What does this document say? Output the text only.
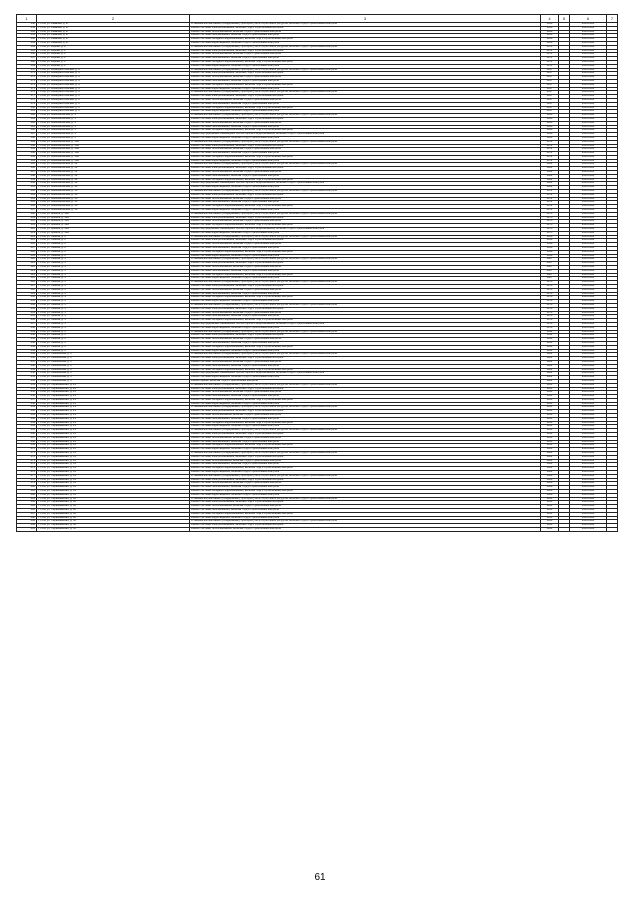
1	2	3	4	5	6	7
158	г. Ухта, ул. Иванова, д. 27	Установка коллективных (общедомовых) приборов учета потребления ресурсов, включая ПСД и строительный контроль	1958		2026-2028	
159	г. Ухта, ул. Иванова, д. 27	Ремонт системы электроснабжения, включая ПСД и строительный контроль	1958		2026-2028	
160	г. Ухта, ул. Иванова, д. 27	Ремонт системы теплоснабжения, включая ПСД и строительный контроль	1958		2026-2028	
161	г. Ухта, ул. Иванова, д. 27	Ремонт системы газоснабжения, включая ПСД и строительный контроль	1958		2026-2028	
162	г. Ухта, ул. Иванова, д. 27	Ремонт системы холодного водоснабжения, включая ПСД и строительный контроль	1958		2026-2028	
163	г. Ухта, ул. Иванова, д. 27	Ремонт системы водоотведения, включая ПСД и строительный контроль	1958		2026-2028	
164	г. Ухта, ул. Кирова, д. 2	Установка коллективных (общедомовых) приборов учета потребления ресурсов, включая ПСД и строительный контроль	1971		2026-2028	
165	г. Ухта, ул. Кирова, д. 2	Ремонт системы электроснабжения, включая ПСД и строительный контроль	1971		2026-2028	
166	г. Ухта, ул. Кирова, д. 2	Ремонт системы теплоснабжения, включая ПСД и строительный контроль	1971		2026-2028	
167	г. Ухта, ул. Кирова, д. 2	Ремонт системы газоснабжения, включая ПСД и строительный контроль	1971		2026-2028	
168	г. Ухта, ул. Кирова, д. 2	Ремонт системы холодного водоснабжения, включая ПСД и строительный контроль	1971		2026-2028	
169	г. Ухта, ул. Кирова, д. 2	Ремонт системы водоотведения, включая ПСД и строительный контроль	1971		2026-2028	
170	г. Ухта, ул. Коммунистическая, д. 4	Установка коллективных (общедомовых) приборов учета потребления ресурсов, включая ПСД и строительный контроль	1957		2026-2028	
171	г. Ухта, ул. Коммунистическая, д. 4	Ремонт системы электроснабжения, включая ПСД и строительный контроль	1957		2026-2028	
172	г. Ухта, ул. Коммунистическая, д. 4	Ремонт системы теплоснабжения, включая ПСД и строительный контроль	1957		2026-2028	
173	г. Ухта, ул. Коммунистическая, д. 4	Ремонт системы газоснабжения, включая ПСД и строительный контроль	1957		2026-2028	
174	г. Ухта, ул. Коммунистическая, д. 4	Ремонт системы холодного водоснабжения, включая ПСД и строительный контроль	1957		2026-2028	
175	г. Ухта, ул. Коммунистическая, д. 4	Ремонт системы водоотведения, включая ПСД и строительный контроль	1957		2026-2028	
176	г. Ухта, ул. Коммунистическая, д. 6	Установка коллективных (общедомовых) приборов учета потребления ресурсов, включая ПСД и строительный контроль	1957		2026-2028	
177	г. Ухта, ул. Коммунистическая, д. 6	Ремонт системы электроснабжения, включая ПСД и строительный контроль	1957		2026-2028	
178	г. Ухта, ул. Коммунистическая, д. 6	Ремонт системы теплоснабжения, включая ПСД и строительный контроль	1957		2026-2028	
179	г. Ухта, ул. Коммунистическая, д. 6	Ремонт системы газоснабжения, включая ПСД и строительный контроль	1957		2026-2028	
180	г. Ухта, ул. Коммунистическая, д. 6	Ремонт системы холодного водоснабжения, включая ПСД и строительный контроль	1957		2026-2028	
181	г. Ухта, ул. Коммунистическая, д. 6	Ремонт системы водоотведения, включая ПСД и строительный контроль	1957		2026-2028	
182	г. Ухта, ул. Комсомольская, д. 1	Установка коллективных (общедомовых) приборов учета потребления ресурсов, включая ПСД и строительный контроль	1946		2026-2028	
183	г. Ухта, ул. Комсомольская, д. 1	Ремонт системы электроснабжения, включая ПСД и строительный контроль	1946		2026-2028	
184	г. Ухта, ул. Комсомольская, д. 1	Ремонт системы теплоснабжения, включая ПСД и строительный контроль	1946		2026-2028	
185	г. Ухта, ул. Комсомольская, д. 1	Ремонт системы газоснабжения, включая ПСД и строительный контроль	1946		2026-2028	
186	г. Ухта, ул. Комсомольская, д. 1	Ремонт системы холодного водоснабжения, включая ПСД и строительный контроль	1946		2026-2028	
187	г. Ухта, ул. Комсомольская, д. 1	Ремонт внутридомовых инженерных систем горячего водоснабжения, включая ПСД и строительный контроль	1946		2026-2028	
188	г. Ухта, ул. Комсомольская, д. 1	Ремонт системы водоотведения, включая ПСД и строительный контроль	1946		2026-2028	
189	г. Ухта, ул. Комсомольская, д. 10А	Установка коллективных (общедомовых) приборов учета потребления ресурсов, включая ПСД и строительный контроль	1972		2026-2028	
190	г. Ухта, ул. Комсомольская, д. 10А	Ремонт системы электроснабжения, включая ПСД и строительный контроль	1972		2026-2028	
191	г. Ухта, ул. Комсомольская, д. 10А	Ремонт системы теплоснабжения, включая ПСД и строительный контроль	1972		2026-2028	
192	г. Ухта, ул. Комсомольская, д. 10А	Ремонт системы газоснабжения, включая ПСД и строительный контроль	1972		2026-2028	
193	г. Ухта, ул. Комсомольская, д. 10А	Ремонт системы холодного водоснабжения, включая ПСД и строительный контроль	1972		2026-2028	
194	г. Ухта, ул. Комсомольская, д. 10А	Ремонт системы водоотведения, включая ПСД и строительный контроль	1972		2026-2028	
195	г. Ухта, ул. Комсомольская, д. 12	Установка коллективных (общедомовых) приборов учета потребления ресурсов, включая ПСД и строительный контроль	1964		2026-2028	
196	г. Ухта, ул. Комсомольская, д. 12	Ремонт системы электроснабжения, включая ПСД и строительный контроль	1964		2026-2028	
197	г. Ухта, ул. Комсомольская, д. 12	Ремонт системы теплоснабжения, включая ПСД и строительный контроль	1964		2026-2028	
198	г. Ухта, ул. Комсомольская, д. 12	Ремонт системы газоснабжения, включая ПСД и строительный контроль	1964		2026-2028	
199	г. Ухта, ул. Комсомольская, д. 12	Ремонт системы холодного водоснабжения, включая ПСД и строительный контроль	1964		2026-2028	
200	г. Ухта, ул. Комсомольская, д. 12	Ремонт внутридомовых инженерных систем горячего водоснабжения, включая ПСД и строительный контроль	1964		2026-2028	
201	г. Ухта, ул. Комсомольская, д. 12	Ремонт системы водоотведения, включая ПСД и строительный контроль	1964		2026-2028	
202	г. Ухта, ул. Комсомольская, д. 16	Установка коллективных (общедомовых) приборов учета потребления ресурсов, включая ПСД и строительный контроль	1972		2026-2028	
203	г. Ухта, ул. Комсомольская, д. 16	Ремонт системы электроснабжения, включая ПСД и строительный контроль	1972		2026-2028	
204	г. Ухта, ул. Комсомольская, д. 16	Ремонт системы теплоснабжения, включая ПСД и строительный контроль	1972		2026-2028	
205	г. Ухта, ул. Комсомольская, д. 16	Ремонт системы газоснабжения, включая ПСД и строительный контроль	1972		2026-2028	
206	г. Ухта, ул. Комсомольская, д. 16	Ремонт системы холодного водоснабжения, включая ПСД и строительный контроль	1972		2026-2028	
207	г. Ухта, ул. Комсомольская, д. 16	Ремонт системы водоотведения, включая ПСД и строительный контроль	1972		2026-2028	
208	г. Ухта, ул. Кремса, д. 34А	Установка коллективных (общедомовых) приборов учета потребления ресурсов, включая ПСД и строительный контроль	1975		2026-2028	
209	г. Ухта, ул. Кремса, д. 34А	Ремонт системы электроснабжения, включая ПСД и строительный контроль	1975		2026-2028	
210	г. Ухта, ул. Кремса, д. 34А	Ремонт системы теплоснабжения, включая ПСД и строительный контроль	1975		2026-2028	
211	г. Ухта, ул. Кремса, д. 34А	Ремонт системы холодного водоснабжения, включая ПСД и строительный контроль	1975		2026-2028	
212	г. Ухта, ул. Кремса, д. 34А	Ремонт внутридомовых инженерных систем горячего водоснабжения, включая ПСД и строительный контроль	1975		2026-2028	
213	г. Ухта, ул. Кремса, д. 34А	Ремонт системы водоотведения, включая ПСД и строительный контроль	1975		2026-2028	
214	г. Ухта, ул. Ленина, д. 2	Установка коллективных (общедомовых) приборов учета потребления ресурсов, включая ПСД и строительный контроль	1958		2026-2028	
215	г. Ухта, ул. Ленина, д. 2	Ремонт системы электроснабжения, включая ПСД и строительный контроль	1958		2026-2028	
216	г. Ухта, ул. Ленина, д. 2	Ремонт системы теплоснабжения, включая ПСД и строительный контроль	1958		2026-2028	
217	г. Ухта, ул. Ленина, д. 2	Ремонт системы газоснабжения, включая ПСД и строительный контроль	1958		2026-2028	
218	г. Ухта, ул. Ленина, д. 2	Ремонт системы холодного водоснабжения, включая ПСД и строительный контроль	1958		2026-2028	
219	г. Ухта, ул. Ленина, д. 2	Ремонт системы водоотведения, включая ПСД и строительный контроль	1958		2026-2028	
220	г. Ухта, ул. Ленина, д. 3	Установка коллективных (общедомовых) приборов учета потребления ресурсов, включая ПСД и строительный контроль	1967		2026-2028	
221	г. Ухта, ул. Ленина, д. 3	Ремонт системы электроснабжения, включая ПСД и строительный контроль	1967		2026-2028	
222	г. Ухта, ул. Ленина, д. 3	Ремонт системы теплоснабжения, включая ПСД и строительный контроль	1967		2026-2028	
223	г. Ухта, ул. Ленина, д. 3	Ремонт системы газоснабжения, включая ПСД и строительный контроль	1967		2026-2028	
224	г. Ухта, ул. Ленина, д. 3	Ремонт системы холодного водоснабжения, включая ПСД и строительный контроль	1967		2026-2028	
225	г. Ухта, ул. Ленина, д. 3	Ремонт системы водоотведения, включая ПСД и строительный контроль	1967		2026-2028	
226	г. Ухта, ул. Ленина, д. 4	Установка коллективных (общедомовых) приборов учета потребления ресурсов, включая ПСД и строительный контроль	1970		2026-2028	
227	г. Ухта, ул. Ленина, д. 4	Ремонт системы электроснабжения, включая ПСД и строительный контроль	1970		2026-2028	
228	г. Ухта, ул. Ленина, д. 4	Ремонт системы теплоснабжения, включая ПСД и строительный контроль	1970		2026-2028	
229	г. Ухта, ул. Ленина, д. 4	Ремонт системы газоснабжения, включая ПСД и строительный контроль	1970		2026-2028	
230	г. Ухта, ул. Ленина, д. 4	Ремонт системы холодного водоснабжения, включая ПСД и строительный контроль	1970		2026-2028	
231	г. Ухта, ул. Ленина, д. 4	Ремонт системы водоотведения, включая ПСД и строительный контроль	1970		2026-2028	
232	г. Ухта, ул. Ленина, д. 5	Установка коллективных (общедомовых) приборов учета потребления ресурсов, включая ПСД и строительный контроль	1970		2026-2028	
233	г. Ухта, ул. Ленина, д. 5	Ремонт системы электроснабжения, включая ПСД и строительный контроль	1970		2026-2028	
234	г. Ухта, ул. Ленина, д. 5	Ремонт системы теплоснабжения, включая ПСД и строительный контроль	1970		2026-2028	
235	г. Ухта, ул. Ленина, д. 5	Ремонт системы газоснабжения, включая ПСД и строительный контроль	1970		2026-2028	
236	г. Ухта, ул. Ленина, д. 5	Ремонт системы холодного водоснабжения, включая ПСД и строительный контроль	1970		2026-2028	
237	г. Ухта, ул. Ленина, д. 5	Ремонт внутридомовых инженерных систем горячего водоснабжения, включая ПСД и строительный контроль	1970		2026-2028	
238	г. Ухта, ул. Ленина, д. 5	Ремонт системы водоотведения, включая ПСД и строительный контроль	1970		2026-2028	
239	г. Ухта, ул. Ленина, д. 6	Установка коллективных (общедомовых) приборов учета потребления ресурсов, включая ПСД и строительный контроль	1954		2026-2028	
240	г. Ухта, ул. Ленина, д. 6	Ремонт системы электроснабжения, включая ПСД и строительный контроль	1954		2026-2028	
241	г. Ухта, ул. Ленина, д. 6	Ремонт системы теплоснабжения, включая ПСД и строительный контроль	1954		2026-2028	
242	г. Ухта, ул. Ленина, д. 6	Ремонт системы газоснабжения, включая ПСД и строительный контроль	1954		2026-2028	
243	г. Ухта, ул. Ленина, д. 6	Ремонт системы холодного водоснабжения, включая ПСД и строительный контроль	1954		2026-2028	
244	г. Ухта, ул. Ленина, д. 6	Ремонт системы водоотведения, включая ПСД и строительный контроль	1954		2026-2028	
245	г. Ухта, ул. Ломоносова, д. 1	Установка коллективных (общедомовых) приборов учета потребления ресурсов, включая ПСД и строительный контроль	1962		2026-2028	
246	г. Ухта, ул. Ломоносова, д. 1	Ремонт системы электроснабжения, включая ПСД и строительный контроль	1962		2026-2028	
247	г. Ухта, ул. Ломоносова, д. 1	Ремонт системы теплоснабжения, включая ПСД и строительный контроль	1962		2026-2028	
248	г. Ухта, ул. Ломоносова, д. 1	Ремонт системы газоснабжения, включая ПСД и строительный контроль	1962		2026-2028	
249	г. Ухта, ул. Ломоносова, д. 1	Ремонт системы холодного водоснабжения, включая ПСД и строительный контроль	1962		2026-2028	
250	г. Ухта, ул. Ломоносова, д. 1	Ремонт внутридомовых инженерных систем горячего водоснабжения, включая ПСД и строительный контроль	1962		2026-2028	
251	г. Ухта, ул. Ломоносова, д. 1	Ремонт системы водоотведения, включая ПСД и строительный контроль	1962		2026-2028	
252	г. Ухта, ул. Ломоносова, д. 1	Ремонт крыши, включая ПСД и строительный контроль	1962		2026-2028	
253	г. Ухта, ул. Первомайская, д. 21	Установка коллективных (общедомовых) приборов учета потребления ресурсов, включая ПСД и строительный контроль	1953		2026-2028	
254	г. Ухта, ул. Первомайская, д. 21	Ремонт системы электроснабжения, включая ПСД и строительный контроль	1953		2026-2028	
255	г. Ухта, ул. Первомайская, д. 21	Ремонт системы теплоснабжения, включая ПСД и строительный контроль	1953		2026-2028	
256	г. Ухта, ул. Первомайская, д. 21	Ремонт системы газоснабжения, включая ПСД и строительный контроль	1953		2026-2028	
257	г. Ухта, ул. Первомайская, д. 21	Ремонт системы холодного водоснабжения, включая ПСД и строительный контроль	1953		2026-2028	
258	г. Ухта, ул. Первомайская, д. 21	Ремонт системы водоотведения, включая ПСД и строительный контроль	1953		2026-2028	
259	г. Ухта, ул. Первомайская, д. 23	Установка коллективных (общедомовых) приборов учета потребления ресурсов, включая ПСД и строительный контроль	1953		2026-2028	
260	г. Ухта, ул. Первомайская, д. 23	Ремонт системы электроснабжения, включая ПСД и строительный контроль	1953		2026-2028	
261	г. Ухта, ул. Первомайская, д. 23	Ремонт системы теплоснабжения, включая ПСД и строительный контроль	1953		2026-2028	
262	г. Ухта, ул. Первомайская, д. 23	Ремонт системы газоснабжения, включая ПСД и строительный контроль	1953		2026-2028	
263	г. Ухта, ул. Первомайская, д. 23	Ремонт системы холодного водоснабжения, включая ПСД и строительный контроль	1953		2026-2028	
264	г. Ухта, ул. Первомайская, д. 23	Ремонт системы водоотведения, включая ПСД и строительный контроль	1953		2026-2028	
265	г. Ухта, ул. Первомайская, д. 25	Установка коллективных (общедомовых) приборов учета потребления ресурсов, включая ПСД и строительный контроль	1953		2026-2028	
266	г. Ухта, ул. Первомайская, д. 25	Ремонт системы электроснабжения, включая ПСД и строительный контроль	1953		2026-2028	
267	г. Ухта, ул. Первомайская, д. 25	Ремонт системы теплоснабжения, включая ПСД и строительный контроль	1953		2026-2028	
268	г. Ухта, ул. Первомайская, д. 25	Ремонт системы газоснабжения, включая ПСД и строительный контроль	1953		2026-2028	
269	г. Ухта, ул. Первомайская, д. 25	Ремонт системы холодного водоснабжения, включая ПСД и строительный контроль	1953		2026-2028	
270	г. Ухта, ул. Первомайская, д. 25	Ремонт системы водоотведения, включая ПСД и строительный контроль	1953		2026-2028	
271	г. Ухта, ул. Первомайская, д. 31	Установка коллективных (общедомовых) приборов учета потребления ресурсов, включая ПСД и строительный контроль	1964		2026-2028	
272	г. Ухта, ул. Первомайская, д. 31	Ремонт системы электроснабжения, включая ПСД и строительный контроль	1964		2026-2028	
273	г. Ухта, ул. Первомайская, д. 31	Ремонт системы теплоснабжения, включая ПСД и строительный контроль	1964		2026-2028	
274	г. Ухта, ул. Первомайская, д. 31	Ремонт системы газоснабжения, включая ПСД и строительный контроль	1964		2026-2028	
275	г. Ухта, ул. Первомайская, д. 31	Ремонт системы холодного водоснабжения, включая ПСД и строительный контроль	1964		2026-2028	
276	г. Ухта, ул. Первомайская, д. 31	Ремонт системы водоотведения, включая ПСД и строительный контроль	1964		2026-2028	
277	г. Ухта, ул. Первомайская, д. 33	Установка коллективных (общедомовых) приборов учета потребления ресурсов, включая ПСД и строительный контроль	1960		2026-2028	
278	г. Ухта, ул. Первомайская, д. 33	Ремонт системы электроснабжения, включая ПСД и строительный контроль	1960		2026-2028	
279	г. Ухта, ул. Первомайская, д. 33	Ремонт системы теплоснабжения, включая ПСД и строительный контроль	1960		2026-2028	
280	г. Ухта, ул. Первомайская, д. 33	Ремонт системы газоснабжения, включая ПСД и строительный контроль	1960		2026-2028	
281	г. Ухта, ул. Первомайская, д. 33	Ремонт системы холодного водоснабжения, включая ПСД и строительный контроль	1960		2026-2028	
282	г. Ухта, ул. Первомайская, д. 33	Ремонт системы водоотведения, включая ПСД и строительный контроль	1960		2026-2028	
283	г. Ухта, ул. Первомайская, д. 42	Установка коллективных (общедомовых) приборов учета потребления ресурсов, включая ПСД и строительный контроль	1953		2026-2028	
284	г. Ухта, ул. Первомайская, д. 42	Ремонт системы электроснабжения, включая ПСД и строительный контроль	1953		2026-2028	
285	г. Ухта, ул. Первомайская, д. 42	Ремонт системы теплоснабжения, включая ПСД и строительный контроль	1953		2026-2028	
286	г. Ухта, ул. Первомайская, д. 42	Ремонт системы газоснабжения, включая ПСД и строительный контроль	1953		2026-2028	
287	г. Ухта, ул. Первомайская, д. 42	Ремонт системы холодного водоснабжения, включая ПСД и строительный контроль	1953		2026-2028	
288	г. Ухта, ул. Первомайская, д. 42	Ремонт системы водоотведения, включая ПСД и строительный контроль	1953		2026-2028	
289	г. Ухта, ул. Первомайская, д. 52	Установка коллективных (общедомовых) приборов учета потребления ресурсов, включая ПСД и строительный контроль	1953		2026-2028	
290	г. Ухта, ул. Первомайская, д. 52	Ремонт системы электроснабжения, включая ПСД и строительный контроль	1953		2026-2028	
291	г. Ухта, ул. Первомайская, д. 52	Ремонт системы теплоснабжения, включая ПСД и строительный контроль	1953		2026-2028	
61
